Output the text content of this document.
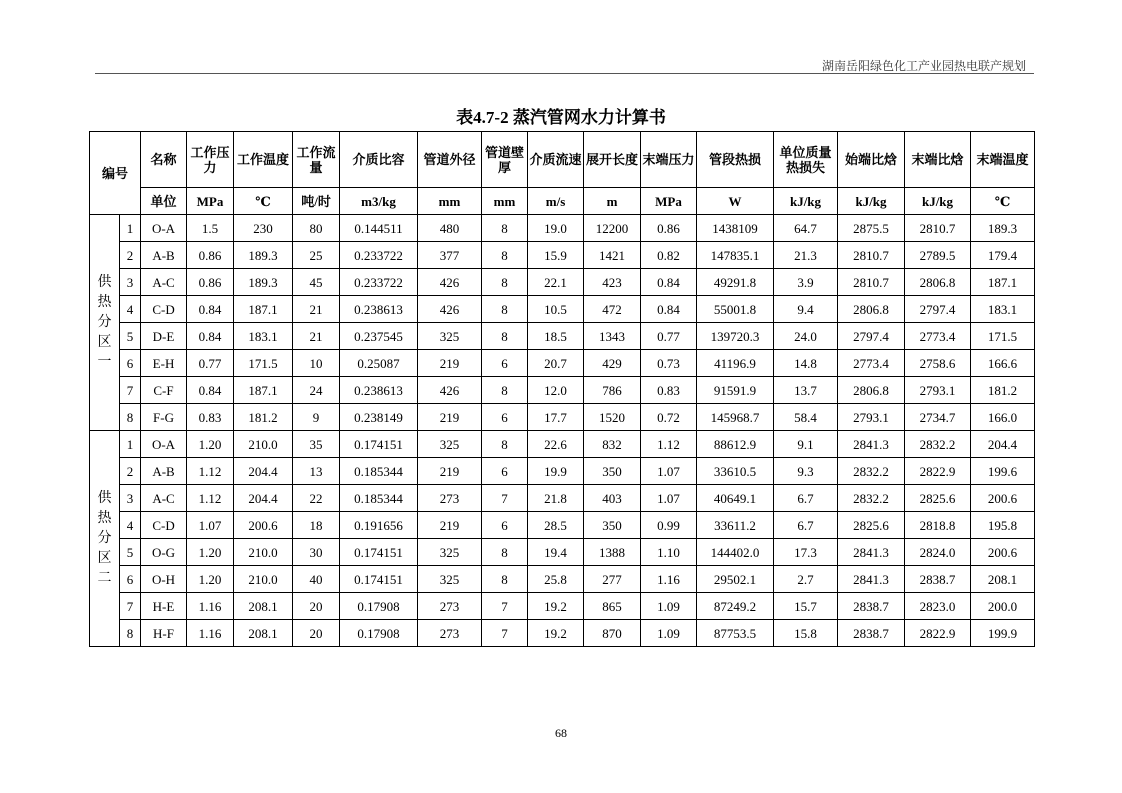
湖南岳阳绿色化工产业园热电联产规划
表4.7-2 蒸汽管网水力计算书
编号		名称	工作压力	工作温度	工作流量	介质比容	管道外径	管道壁厚	介质流速	展开长度	末端压力	管段热损	单位质量热损失	始端比焓	末端比焓	末端温度
		单位	MPa	℃	吨/时	m3/kg	mm	mm	m/s	m	MPa	W	kJ/kg	kJ/kg	kJ/kg	℃
供热分区一	1	O-A	1.5	230	80	0.144511	480	8	19.0	12200	0.86	1438109	64.7	2875.5	2810.7	189.3
	2	A-B	0.86	189.3	25	0.233722	377	8	15.9	1421	0.82	147835.1	21.3	2810.7	2789.5	179.4
	3	A-C	0.86	189.3	45	0.233722	426	8	22.1	423	0.84	49291.8	3.9	2810.7	2806.8	187.1
	4	C-D	0.84	187.1	21	0.238613	426	8	10.5	472	0.84	55001.8	9.4	2806.8	2797.4	183.1
	5	D-E	0.84	183.1	21	0.237545	325	8	18.5	1343	0.77	139720.3	24.0	2797.4	2773.4	171.5
	6	E-H	0.77	171.5	10	0.25087	219	6	20.7	429	0.73	41196.9	14.8	2773.4	2758.6	166.6
	7	C-F	0.84	187.1	24	0.238613	426	8	12.0	786	0.83	91591.9	13.7	2806.8	2793.1	181.2
	8	F-G	0.83	181.2	9	0.238149	219	6	17.7	1520	0.72	145968.7	58.4	2793.1	2734.7	166.0
供热分区二	1	O-A	1.20	210.0	35	0.174151	325	8	22.6	832	1.12	88612.9	9.1	2841.3	2832.2	204.4
	2	A-B	1.12	204.4	13	0.185344	219	6	19.9	350	1.07	33610.5	9.3	2832.2	2822.9	199.6
	3	A-C	1.12	204.4	22	0.185344	273	7	21.8	403	1.07	40649.1	6.7	2832.2	2825.6	200.6
	4	C-D	1.07	200.6	18	0.191656	219	6	28.5	350	0.99	33611.2	6.7	2825.6	2818.8	195.8
	5	O-G	1.20	210.0	30	0.174151	325	8	19.4	1388	1.10	144402.0	17.3	2841.3	2824.0	200.6
	6	O-H	1.20	210.0	40	0.174151	325	8	25.8	277	1.16	29502.1	2.7	2841.3	2838.7	208.1
	7	H-E	1.16	208.1	20	0.17908	273	7	19.2	865	1.09	87249.2	15.7	2838.7	2823.0	200.0
	8	H-F	1.16	208.1	20	0.17908	273	7	19.2	870	1.09	87753.5	15.8	2838.7	2822.9	199.9
68
